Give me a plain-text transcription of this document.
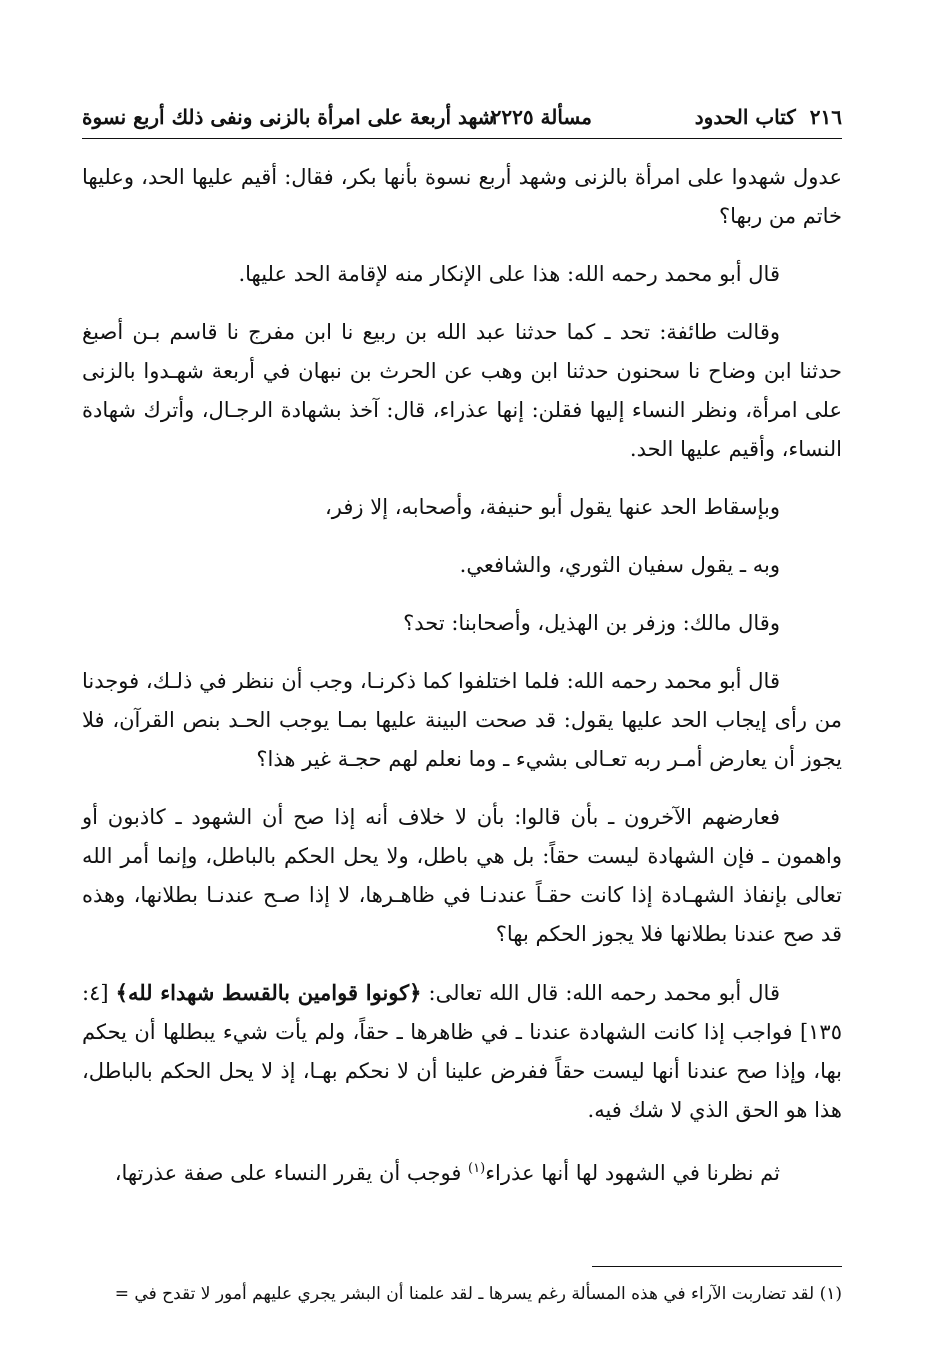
٢١٦  كتاب الحدود
مسألة ٢٢٢٥
شهد أربعة على امرأة بالزنى ونفى ذلك أربع نسوة

عدول شهدوا على امرأة بالزنى وشهد أربع نسوة بأنها بكر، فقال: أقيم عليها الحد، وعليها خاتم من ربها؟

قال أبو محمد رحمه الله: هذا على الإنكار منه لإقامة الحد عليها.

وقالت طائفة: تحد ـ كما حدثنا عبد الله بن ربيع نا ابن مفرج نا قاسم بـن أصبغ حدثنا ابن وضاح نا سحنون حدثنا ابن وهب عن الحرث بن نبهان في أربعة شهـدوا بالزنى على امرأة، ونظر النساء إليها فقلن: إنها عذراء، قال: آخذ بشهادة الرجـال، وأترك شهادة النساء، وأقيم عليها الحد.

وبإسقاط الحد عنها يقول أبو حنيفة، وأصحابه، إلا زفر،

وبه ـ يقول سفيان الثوري، والشافعي.

وقال مالك: وزفر بن الهذيل، وأصحابنا: تحد؟

قال أبو محمد رحمه الله: فلما اختلفوا كما ذكرنـا، وجب أن ننظر في ذلـك، فوجدنا من رأى إيجاب الحد عليها يقول: قد صحت البينة عليها بمـا يوجب الحـد بنص القرآن، فلا يجوز أن يعارض أمـر ربه تعـالى بشيء ـ وما نعلم لهم حجـة غير هذا؟

فعارضهم الآخرون ـ بأن قالوا: بأن لا خلاف أنه إذا صح أن الشهود ـ كاذبون أو واهمون ـ فإن الشهادة ليست حقاً: بل هي باطل، ولا يحل الحكم بالباطل، وإنما أمر الله تعالى بإنفاذ الشهـادة إذا كانت حقـاً عندنـا في ظاهـرها، لا إذا صـح عندنـا بطلانها، وهذه قد صح عندنا بطلانها فلا يجوز الحكم بها؟

قال أبو محمد رحمه الله: قال الله تعالى: ﴿كونوا قوامين بالقسط شهداء لله﴾ [٤: ١٣٥] فواجب إذا كانت الشهادة عندنا ـ في ظاهرها ـ حقاً، ولم يأت شيء يبطلها أن يحكم بها، وإذا صح عندنا أنها ليست حقاً ففرض علينا أن لا نحكم بهـا، إذ لا يحل الحكم بالباطل، هذا هو الحق الذي لا شك فيه.

ثم نظرنا في الشهود لها أنها عذراء$^{(١)}$ فوجب أن يقرر النساء على صفة عذرتها،

(١) لقد تضاربت الآراء في هذه المسألة رغم يسرها ـ لقد علمنا أن البشر يجري عليهم أمور لا تقدح في =
